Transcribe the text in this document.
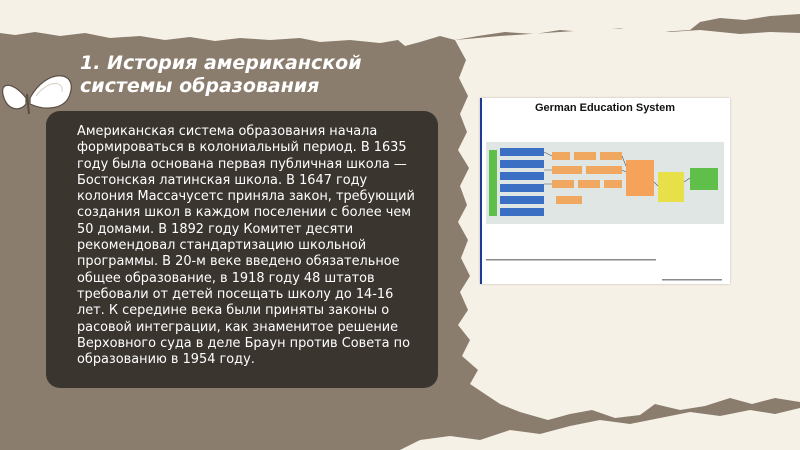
1. История американской системы образования

Американская система образования начала формироваться в колониальный период. В 1635 году была основана первая публичная школа — Бостонская латинская школа. В 1647 году колония Массачусетс приняла закон, требующий создания школ в каждом поселении с более чем 50 домами. В 1892 году Комитет десяти рекомендовал стандартизацию школьной программы. В 20-м веке введено обязательное общее образование, в 1918 году 48 штатов требовали от детей посещать школу до 14-16 лет. К середине века были приняты законы о расовой интеграции, как знаменитое решение Верховного суда в деле Браун против Совета по образованию в 1954 году.

German Education System
